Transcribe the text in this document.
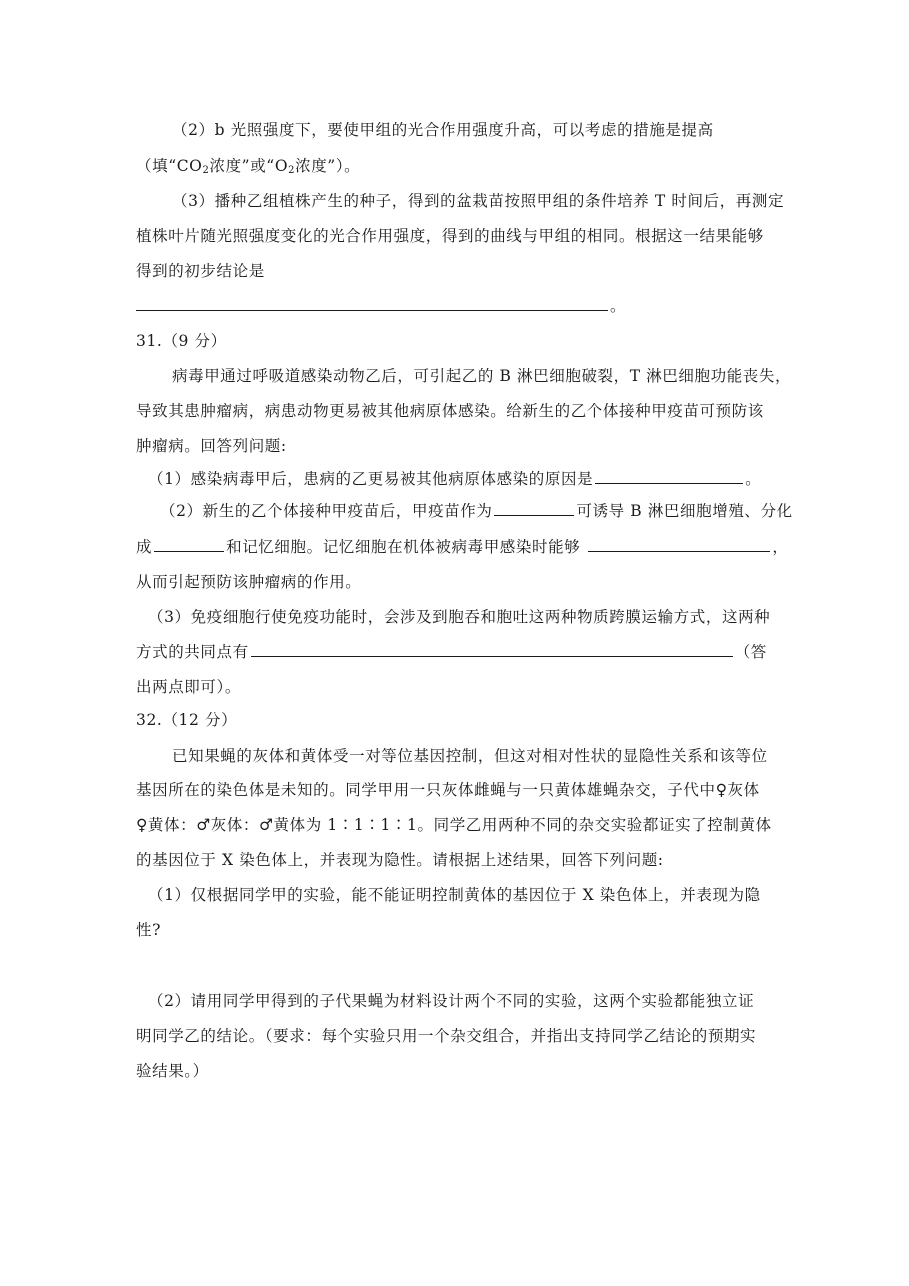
（2）b 光照强度下，要使甲组的光合作用强度升高，可以考虑的措施是提高
（填“$CO_2$浓度”或“$O_2$浓度”）。
（3）播种乙组植株产生的种子，得到的盆栽苗按照甲组的条件培养 T 时间后，再测定
植株叶片随光照强度变化的光合作用强度，得到的曲线与甲组的相同。根据这一结果能够
得到的初步结论是
。
31.（9 分）
病毒甲通过呼吸道感染动物乙后，可引起乙的 B 淋巴细胞破裂，T 淋巴细胞功能丧失，
导致其患肿瘤病，病患动物更易被其他病原体感染。给新生的乙个体接种甲疫苗可预防该
肿瘤病。回答列问题:
（1）感染病毒甲后，患病的乙更易被其他病原体感染的原因是	。
（2）新生的乙个体接种甲疫苗后，甲疫苗作为	可诱导 B 淋巴细胞增殖、分化
成	和记忆细胞。记忆细胞在机体被病毒甲感染时能够	，
从而引起预防该肿瘤病的作用。
（3）免疫细胞行使免疫功能时，会涉及到胞吞和胞吐这两种物质跨膜运输方式，这两种
方式的共同点有	（答
出两点即可）。
32.（12 分）
已知果蝇的灰体和黄体受一对等位基因控制，但这对相对性状的显隐性关系和该等位
基因所在的染色体是未知的。同学甲用一只灰体雌蝇与一只黄体雄蝇杂交，子代中♀灰体
♀黄体：♂灰体：♂黄体为 1∶1∶1∶1。同学乙用两种不同的杂交实验都证实了控制黄体
的基因位于 X 染色体上，并表现为隐性。请根据上述结果，回答下列问题:
（1）仅根据同学甲的实验，能不能证明控制黄体的基因位于 X 染色体上，并表现为隐
性?
（2）请用同学甲得到的子代果蝇为材料设计两个不同的实验，这两个实验都能独立证
明同学乙的结论。（要求：每个实验只用一个杂交组合，并指出支持同学乙结论的预期实
验结果。）
